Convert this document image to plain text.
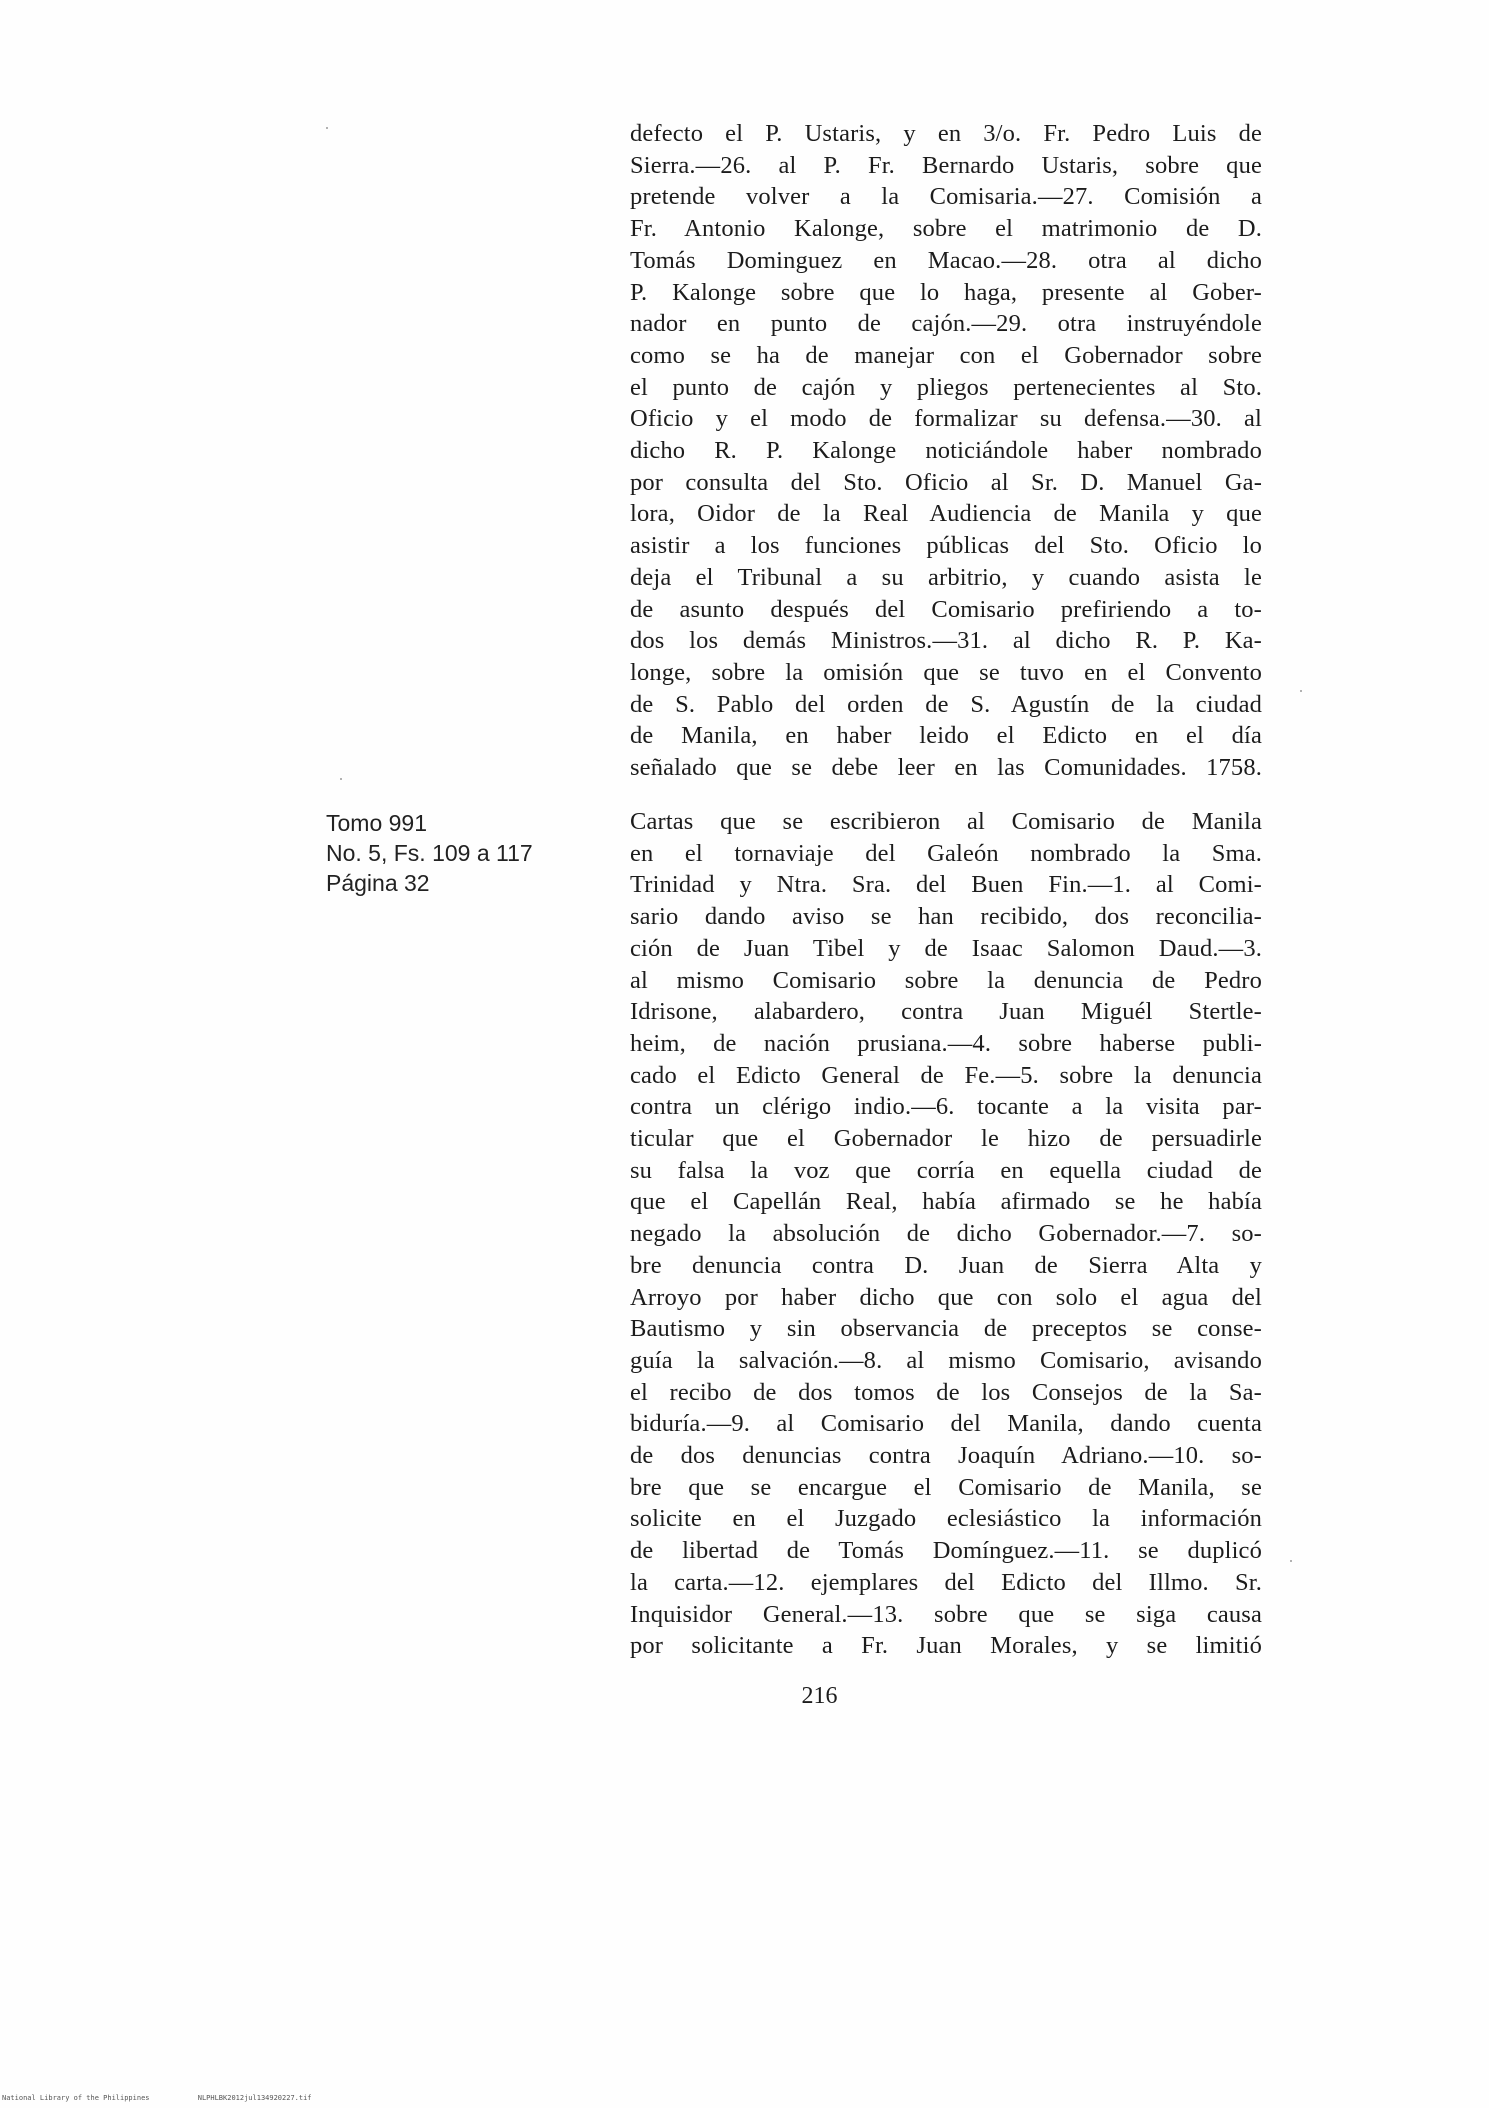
defecto el P. Ustaris, y en 3/o. Fr. Pedro Luis de
Sierra.—26. al P. Fr. Bernardo Ustaris, sobre que
pretende volver a la Comisaria.—27. Comisión a
Fr. Antonio Kalonge, sobre el matrimonio de D.
Tomás Dominguez en Macao.—28. otra al dicho
P. Kalonge sobre que lo haga, presente al Gober-
nador en punto de cajón.—29. otra instruyéndole
como se ha de manejar con el Gobernador sobre
el punto de cajón y pliegos pertenecientes al Sto.
Oficio y el modo de formalizar su defensa.—30. al
dicho R. P. Kalonge noticiándole haber nombrado
por consulta del Sto. Oficio al Sr. D. Manuel Ga-
lora, Oidor de la Real Audiencia de Manila y que
asistir a los funciones públicas del Sto. Oficio lo
deja el Tribunal a su arbitrio, y cuando asista le
de asunto después del Comisario prefiriendo a to-
dos los demás Ministros.—31. al dicho R. P. Ka-
longe, sobre la omisión que se tuvo en el Convento
de S. Pablo del orden de S. Agustín de la ciudad
de Manila, en haber leido el Edicto en el día
señalado que se debe leer en las Comunidades. 1758.
Tomo 991
No. 5, Fs. 109 a 117
Página 32
Cartas que se escribieron al Comisario de Manila
en el tornaviaje del Galeón nombrado la Sma.
Trinidad y Ntra. Sra. del Buen Fin.—1. al Comi-
sario dando aviso se han recibido, dos reconcilia-
ción de Juan Tibel y de Isaac Salomon Daud.—3.
al mismo Comisario sobre la denuncia de Pedro
Idrisone, alabardero, contra Juan Miguél Stertle-
heim, de nación prusiana.—4. sobre haberse publi-
cado el Edicto General de Fe.—5. sobre la denuncia
contra un clérigo indio.—6. tocante a la visita par-
ticular que el Gobernador le hizo de persuadirle
su falsa la voz que corría en equella ciudad de
que el Capellán Real, había afirmado se he había
negado la absolución de dicho Gobernador.—7. so-
bre denuncia contra D. Juan de Sierra Alta y
Arroyo por haber dicho que con solo el agua del
Bautismo y sin observancia de preceptos se conse-
guía la salvación.—8. al mismo Comisario, avisando
el recibo de dos tomos de los Consejos de la Sa-
biduría.—9. al Comisario del Manila, dando cuenta
de dos denuncias contra Joaquín Adriano.—10. so-
bre que se encargue el Comisario de Manila, se
solicite en el Juzgado eclesiástico la información
de libertad de Tomás Domínguez.—11. se duplicó
la carta.—12. ejemplares del Edicto del Illmo. Sr.
Inquisidor General.—13. sobre que se siga causa
por solicitante a Fr. Juan Morales, y se limitió
216
National Library of the Philippines	NLPHLBK2012jul134920227.tif
